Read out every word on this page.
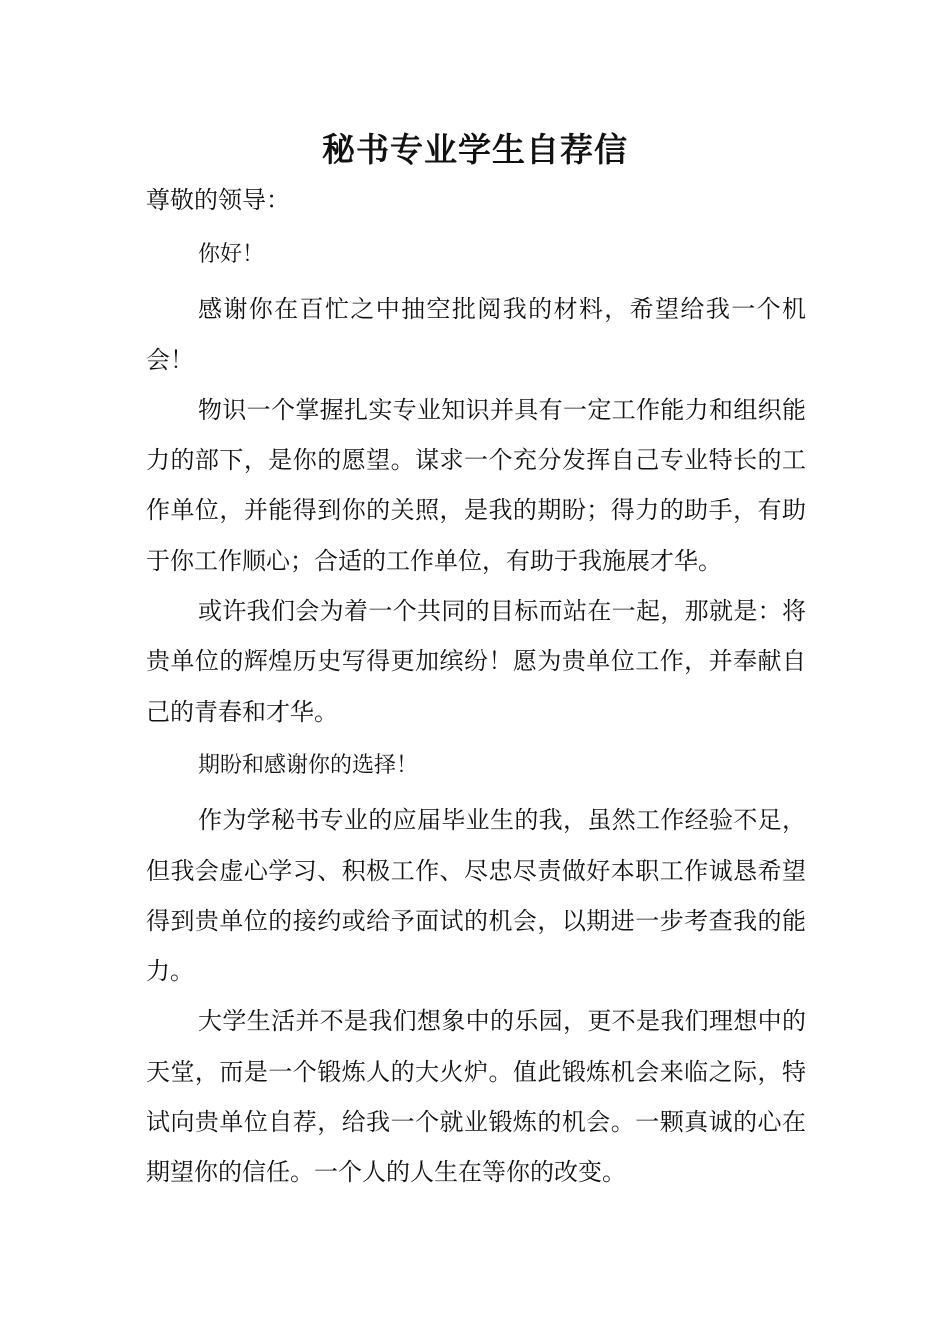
秘书专业学生自荐信

尊敬的领导：

你好！

感谢你在百忙之中抽空批阅我的材料，希望给我一个机会！

物识一个掌握扎实专业知识并具有一定工作能力和组织能力的部下，是你的愿望。谋求一个充分发挥自己专业特长的工作单位，并能得到你的关照，是我的期盼；得力的助手，有助于你工作顺心；合适的工作单位，有助于我施展才华。

或许我们会为着一个共同的目标而站在一起，那就是：将贵单位的辉煌历史写得更加缤纷！愿为贵单位工作，并奉献自己的青春和才华。

期盼和感谢你的选择！

作为学秘书专业的应届毕业生的我，虽然工作经验不足，但我会虚心学习、积极工作、尽忠尽责做好本职工作诚恳希望得到贵单位的接约或给予面试的机会，以期进一步考查我的能力。

大学生活并不是我们想象中的乐园，更不是我们理想中的天堂，而是一个锻炼人的大火炉。值此锻炼机会来临之际，特试向贵单位自荐，给我一个就业锻炼的机会。一颗真诚的心在期望你的信任。一个人的人生在等你的改变。
